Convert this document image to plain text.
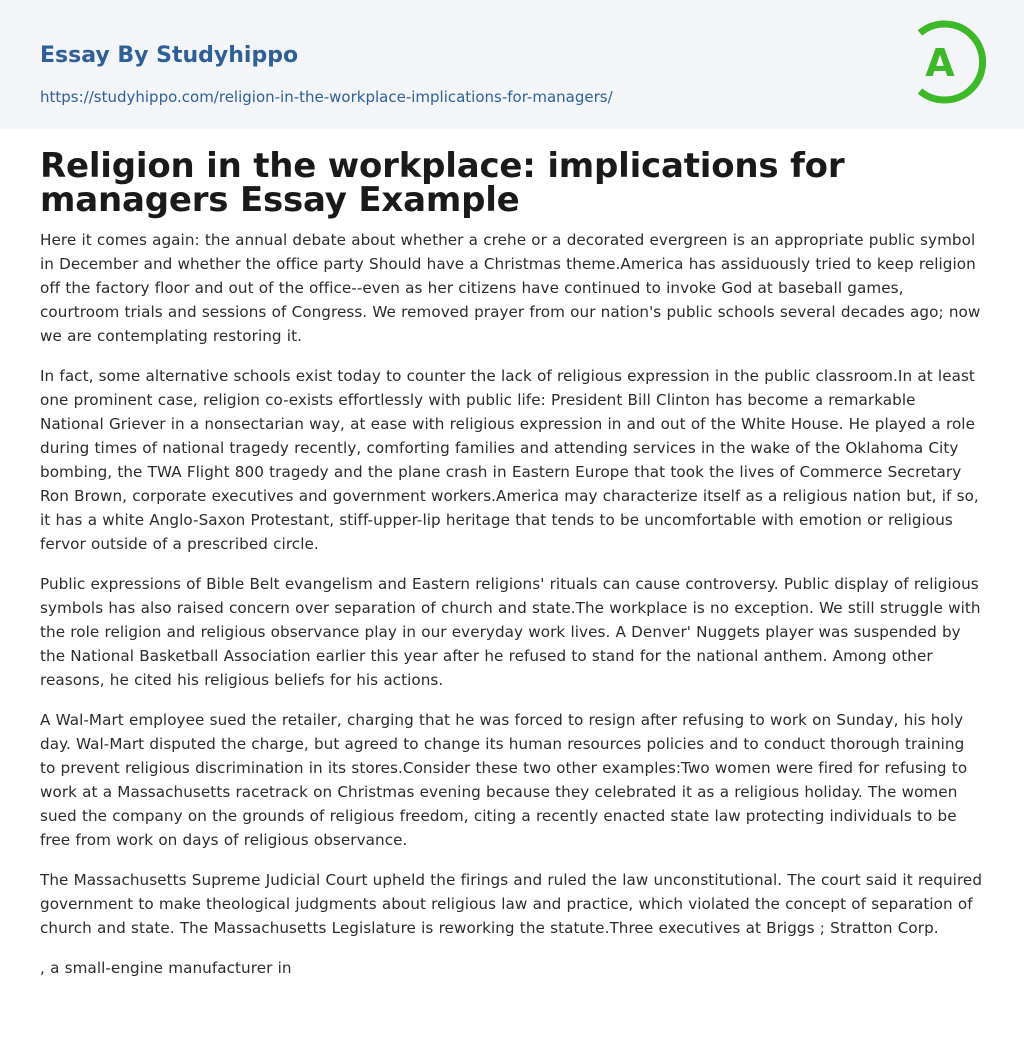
Essay By Studyhippo
https://studyhippo.com/religion-in-the-workplace-implications-for-managers/
A
Religion in the workplace: implications for managers Essay Example

Here it comes again: the annual debate about whether a crehe or a decorated evergreen is an appropriate public symbol in December and whether the office party Should have a Christmas theme.America has assiduously tried to keep religion off the factory floor and out of the office--even as her citizens have continued to invoke God at baseball games, courtroom trials and sessions of Congress. We removed prayer from our nation's public schools several decades ago; now we are contemplating restoring it.

In fact, some alternative schools exist today to counter the lack of religious expression in the public classroom.In at least one prominent case, religion co-exists effortlessly with public life: President Bill Clinton has become a remarkable National Griever in a nonsectarian way, at ease with religious expression in and out of the White House. He played a role during times of national tragedy recently, comforting families and attending services in the wake of the Oklahoma City bombing, the TWA Flight 800 tragedy and the plane crash in Eastern Europe that took the lives of Commerce Secretary Ron Brown, corporate executives and government workers.America may characterize itself as a religious nation but, if so, it has a white Anglo-Saxon Protestant, stiff-upper-lip heritage that tends to be uncomfortable with emotion or religious fervor outside of a prescribed circle.

Public expressions of Bible Belt evangelism and Eastern religions' rituals can cause controversy. Public display of religious symbols has also raised concern over separation of church and state.The workplace is no exception. We still struggle with the role religion and religious observance play in our everyday work lives. A Denver' Nuggets player was suspended by the National Basketball Association earlier this year after he refused to stand for the national anthem. Among other reasons, he cited his religious beliefs for his actions.

A Wal-Mart employee sued the retailer, charging that he was forced to resign after refusing to work on Sunday, his holy day. Wal-Mart disputed the charge, but agreed to change its human resources policies and to conduct thorough training to prevent religious discrimination in its stores.Consider these two other examples:Two women were fired for refusing to work at a Massachusetts racetrack on Christmas evening because they celebrated it as a religious holiday. The women sued the company on the grounds of religious freedom, citing a recently enacted state law protecting individuals to be free from work on days of religious observance.

The Massachusetts Supreme Judicial Court upheld the firings and ruled the law unconstitutional. The court said it required government to make theological judgments about religious law and practice, which violated the concept of separation of church and state. The Massachusetts Legislature is reworking the statute.Three executives at Briggs ; Stratton Corp.

, a small-engine manufacturer in
